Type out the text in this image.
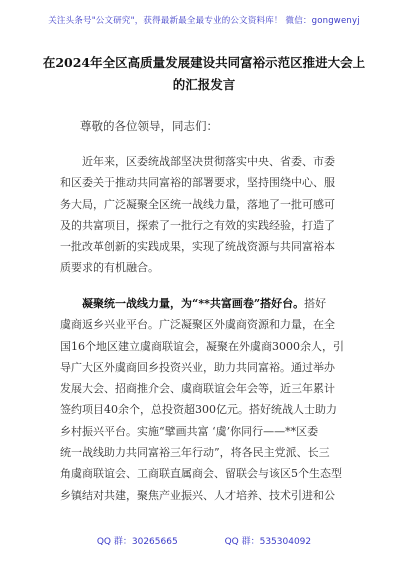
关注头条号"公文研究"，获得最新最全最专业的公文资料库！ 微信：gongwenyj
在2024年全区高质量发展建设共同富裕示范区推进大会上
的汇报发言
尊敬的各位领导，同志们：
近年来，区委统战部坚决贯彻落实中央、省委、市委
和区委关于推动共同富裕的部署要求，坚持围绕中心、服
务大局，广泛凝聚全区统一战线力量，落地了一批可感可
及的共富项目，探索了一批行之有效的实践经验，打造了
一批改革创新的实践成果，实现了统战资源与共同富裕本
质要求的有机融合。
凝聚统一战线力量，为“**共富画卷”搭好台。搭好
虞商返乡兴业平台。广泛凝聚区外虞商资源和力量，在全
国16个地区建立虞商联谊会，凝聚在外虞商3000余人，引
导广大区外虞商回乡投资兴业，助力共同富裕。通过举办
发展大会、招商推介会、虞商联谊会年会等，近三年累计
签约项目40余个，总投资超300亿元。搭好统战人士助力
乡村振兴平台。实施“擘画共富 ‘虞’你同行——**区委
统一战线助力共同富裕三年行动”，将各民主党派、长三
角虞商联谊会、工商联直属商会、留联会与该区5个生态型
乡镇结对共建，聚焦产业振兴、人才培养、技术引进和公
QQ 群：30265665	QQ 群：535304092
